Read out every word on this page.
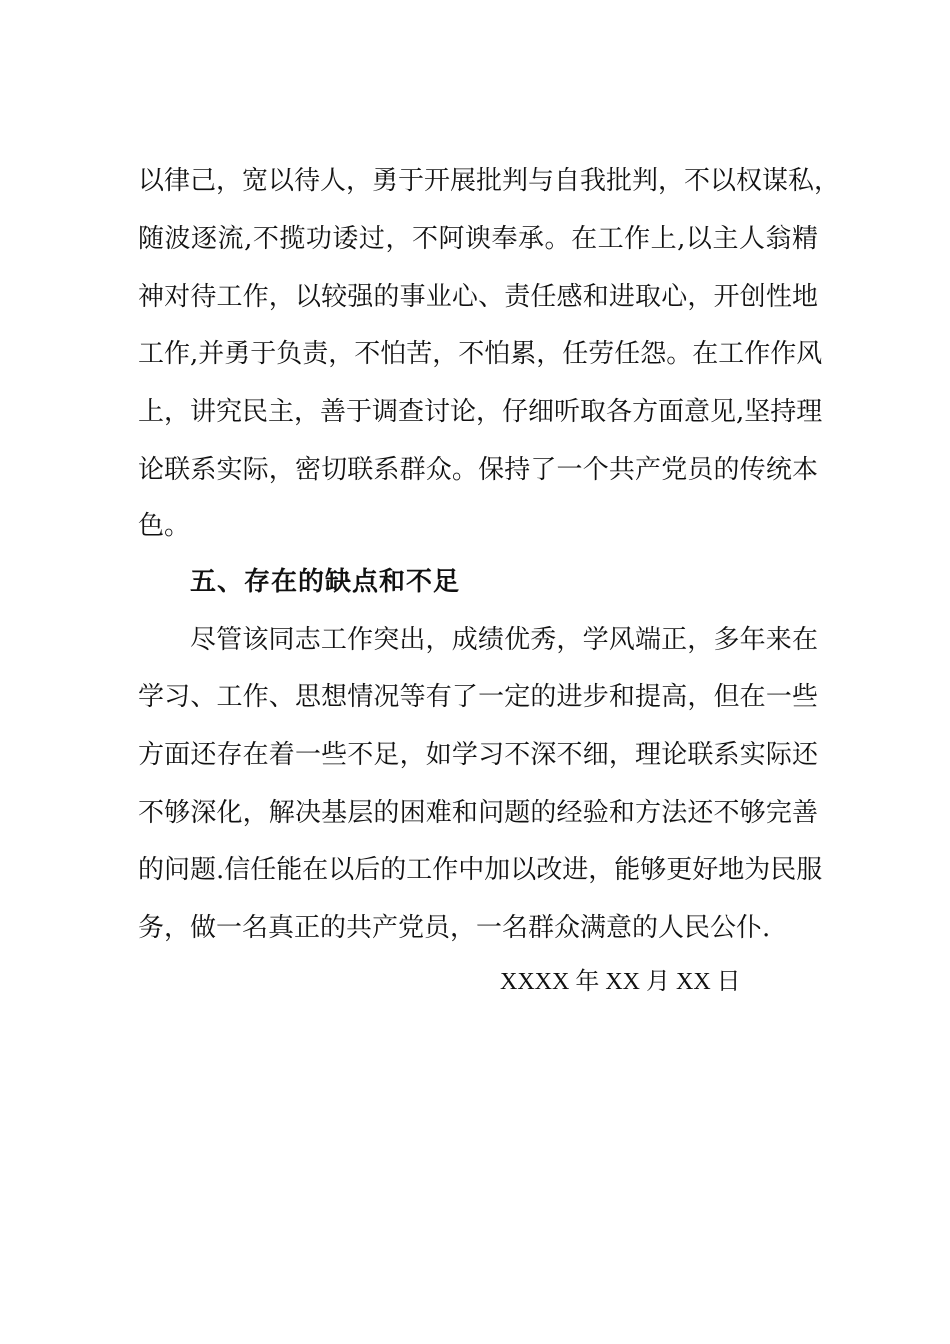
以律己，宽以待人，勇于开展批判与自我批判，不以权谋私，
随波逐流,不揽功诿过，不阿谀奉承。在工作上,以主人翁精
神对待工作，以较强的事业心、责任感和进取心，开创性地
工作,并勇于负责，不怕苦，不怕累，任劳任怨。在工作作风
上，讲究民主，善于调查讨论，仔细听取各方面意见,坚持理
论联系实际，密切联系群众。保持了一个共产党员的传统本
色。
五、存在的缺点和不足
尽管该同志工作突出，成绩优秀，学风端正，多年来在
学习、工作、思想情况等有了一定的进步和提高，但在一些
方面还存在着一些不足，如学习不深不细，理论联系实际还
不够深化，解决基层的困难和问题的经验和方法还不够完善
的问题.信任能在以后的工作中加以改进，能够更好地为民服
务，做一名真正的共产党员，一名群众满意的人民公仆.
XXXX 年 XX 月 XX 日
